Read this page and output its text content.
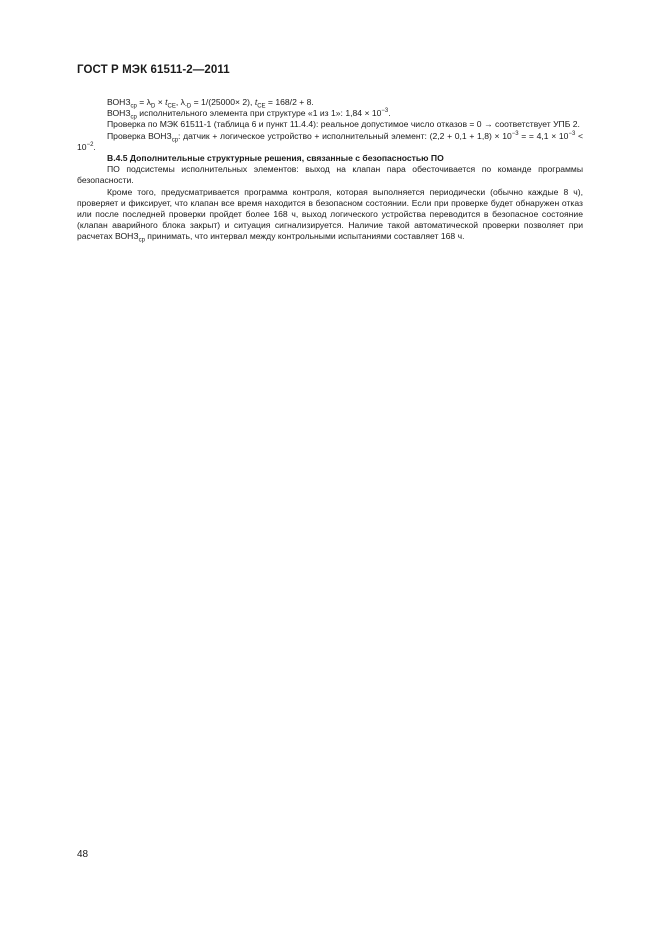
ГОСТ Р МЭК 61511-2—2011

$ВОНЗ_{ср} = \lambda_D \times t_{CE}$, $\lambda_{-D} = 1/(25000\times 2)$, $t_{CE} = 168/2 + 8$.

$ВОНЗ_{ср}$ исполнительного элемента при структуре «1 из 1»: $1,84 \times 10^{-3}$.

Проверка по МЭК 61511-1 (таблица 6 и пункт 11.4.4): реальное допустимое число отказов = 0 → соответствует УПБ 2.

Проверка $ВОНЗ_{ср}$: датчик + логическое устройство + исполнительный элемент: $(2,2 + 0,1 + 1,8) \times 10^{-3}$ = = $4,1 \times 10^{-3} < 10^{-2}$.

В.4.5 Дополнительные структурные решения, связанные с безопасностью ПО

ПО подсистемы исполнительных элементов: выход на клапан пара обесточивается по команде программы безопасности.

Кроме того, предусматривается программа контроля, которая выполняется периодически (обычно каждые 8 ч), проверяет и фиксирует, что клапан все время находится в безопасном состоянии. Если при проверке будет обнаружен отказ или после последней проверки пройдет более 168 ч, выход логического устройства переводится в безопасное состояние (клапан аварийного блока закрыт) и ситуация сигнализируется. Наличие такой автоматической проверки позволяет при расчетах $ВОНЗ_{ср}$ принимать, что интервал между контрольными испытаниями составляет 168 ч.

48
